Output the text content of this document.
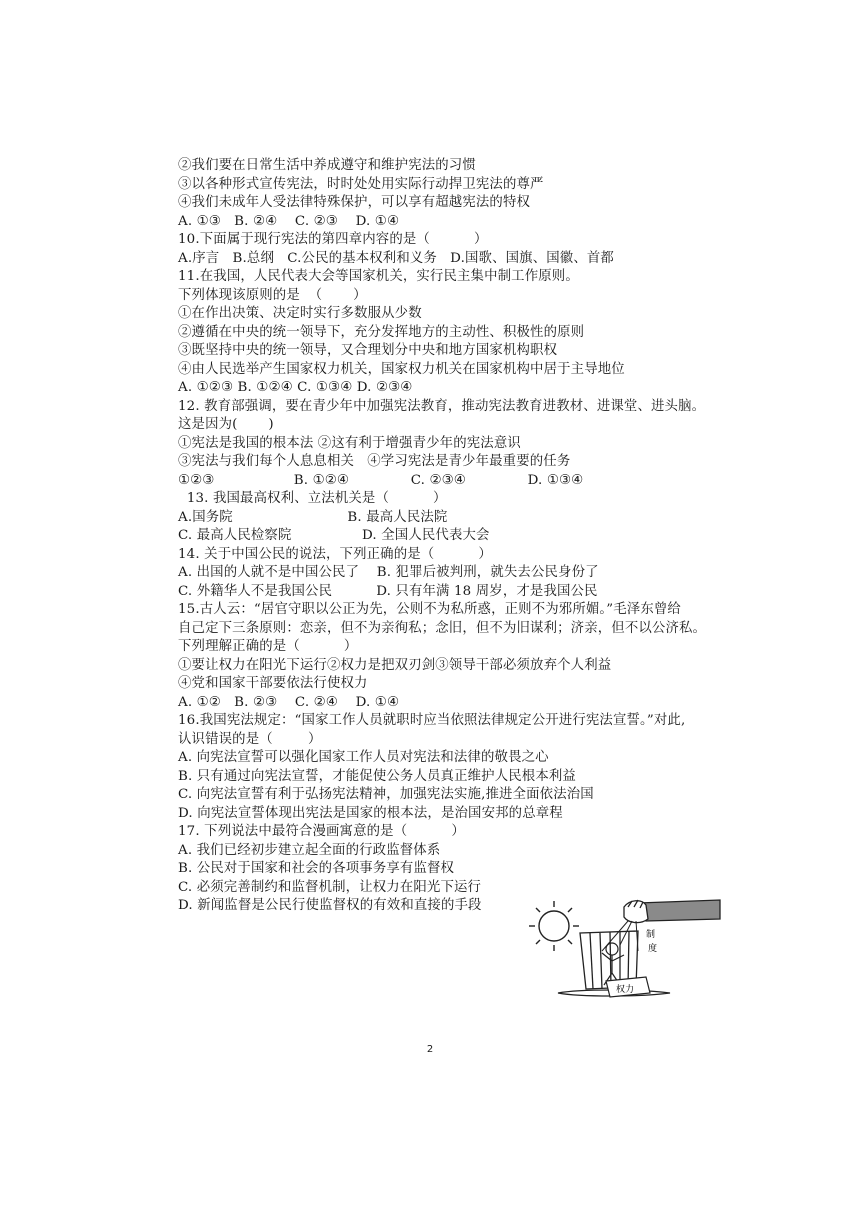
②我们要在日常生活中养成遵守和维护宪法的习惯
③以各种形式宣传宪法，时时处处用实际行动捍卫宪法的尊严
④我们未成年人受法律特殊保护，可以享有超越宪法的特权
A. ①③   B. ②④    C. ②③    D. ①④
10.下面属于现行宪法的第四章内容的是（          ）
A.序言   B.总纲   C.公民的基本权利和义务   D.国歌、国旗、国徽、首都
11.在我国，人民代表大会等国家机关，实行民主集中制工作原则。
下列体现该原则的是  （       ）
①在作出决策、决定时实行多数服从少数
②遵循在中央的统一领导下，充分发挥地方的主动性、积极性的原则
③既坚持中央的统一领导，又合理划分中央和地方国家机构职权
④由人民选举产生国家权力机关，国家权力机关在国家机构中居于主导地位
A. ①②③ B. ①②④ C. ①③④ D. ②③④
12. 教育部强调，要在青少年中加强宪法教育，推动宪法教育进教材、进课堂、进头脑。
这是因为(       )
①宪法是我国的根本法 ②这有利于增强青少年的宪法意识
③宪法与我们每个人息息相关   ④学习宪法是青少年最重要的任务
①②③                  B. ①②④              C. ②③④              D. ①③④
13. 我国最高权利、立法机关是（          ）
A.国务院                          B. 最高人民法院
C. 最高人民检察院                D. 全国人民代表大会
14. 关于中国公民的说法，下列正确的是（          ）
A. 出国的人就不是中国公民了    B. 犯罪后被判刑，就失去公民身份了
C. 外籍华人不是我国公民          D. 只有年满 18 周岁，才是我国公民
15.古人云：“居官守职以公正为先，公则不为私所惑，正则不为邪所媚。”毛泽东曾给
自己定下三条原则：恋亲，但不为亲徇私；念旧，但不为旧谋利；济亲，但不以公济私。
下列理解正确的是（          ）
①要让权力在阳光下运行②权力是把双刃剑③领导干部必须放弃个人利益
④党和国家干部要依法行使权力
A. ①②   B. ②③    C. ②④    D. ①④
16.我国宪法规定：“国家工作人员就职时应当依照法律规定公开进行宪法宣誓。”对此,
认识错误的是（        ）
A. 向宪法宣誓可以强化国家工作人员对宪法和法律的敬畏之心
B. 只有通过向宪法宣誓，才能促使公务人员真正维护人民根本利益
C. 向宪法宣誓有利于弘扬宪法精神，加强宪法实施,推进全面依法治国
D. 向宪法宣誓体现出宪法是国家的根本法，是治国安邦的总章程
17. 下列说法中最符合漫画寓意的是（          ）
A. 我们已经初步建立起全面的行政监督体系
B. 公民对于国家和社会的各项事务享有监督权
C. 必须完善制约和监督机制，让权力在阳光下运行
D. 新闻监督是公民行使监督权的有效和直接的手段
权力
制
度
2
